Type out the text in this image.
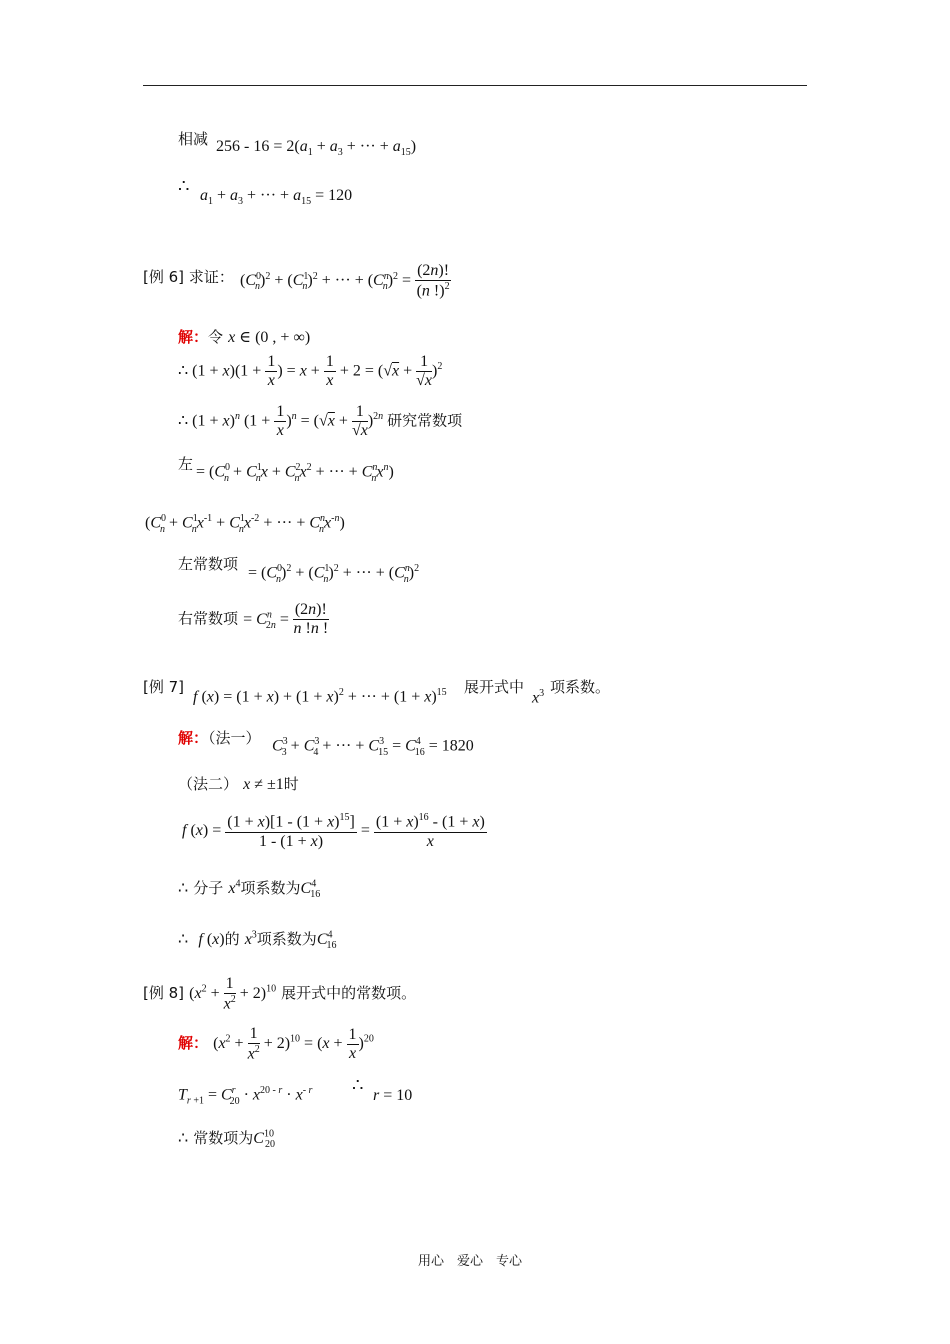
相减 $256 - 16 = 2(a_1 + a_3$ + ··· + $a_{15}$)
∴ $a_1 + a_3$ + ··· + $a_{15} = 120$
[例 6] 求证： $(C^0_n)^2 + (C^1_n)^2$ + ··· + $(C^n_n)^2 = \frac{(2n)!}{(n !)^2}$
解：令 x ∈ (0 , + ∞)
∴ $(1 + x)(1 + \frac{1}{x}$ ) = $x + \frac{1}{x} + 2 = (√x + \frac{1}{√x} )^2$
∴ $(1 + x)^n$ $(1 + \frac{1}{x} )^n = (√x + \frac{1}{√x} )^{2n}$ 研究常数项
左 = ($C^0_n + C^1_nx + C^2_nx^2$ + ··· + $C^n_nx^n$)
($C^0_n + C^1_nx^{-1} + C^1_nx^{-2}$ + ··· + $C^n_nx^{-n}$)
左常数项 = $(C^0_n)^2 + (C^1_n)^2$ + ··· + $(C^n_n)^2$
右常数项 = $C^n_{2n} = \frac{(2n)!}{n !n !}$
[例 7]
f $(x) = (1 + x) + (1 + x)^2$ + ··· + $(1 + x)^{15}$ 展开式中
$x^3$ 项系数。
解：（法一） $C^3_3 + C^3_4$ + ··· + $C^3_{15} = C^4_{16} = 1820$
（法二） x ≠ ±1时
f $(x) = \frac{(1 + x)[1 - (1 + x)^{15}]}{1 - (1 + x)} = \frac{(1 + x)^{16} - (1 + x)}{x}$
∴ 分子 $x^4$项系数为$C^4_{16}$
∴ f (x)的 $x^3$项系数为$C^4_{16}$
[例 8] $(x^2 + \frac{1}{x^2} + 2)^{10}$ 展开式中的常数项。
解： $(x^2 + \frac{1}{x^2} + 2)^{10} = (x + \frac{1}{x} )^{20}$
$T_{r +1} = C^r_{20} \cdot x^{20 - r} \cdot x^{- r}$ ∴
r = 10
∴ 常数项为$C^{10}_{20}$
用心　爱心　专心
